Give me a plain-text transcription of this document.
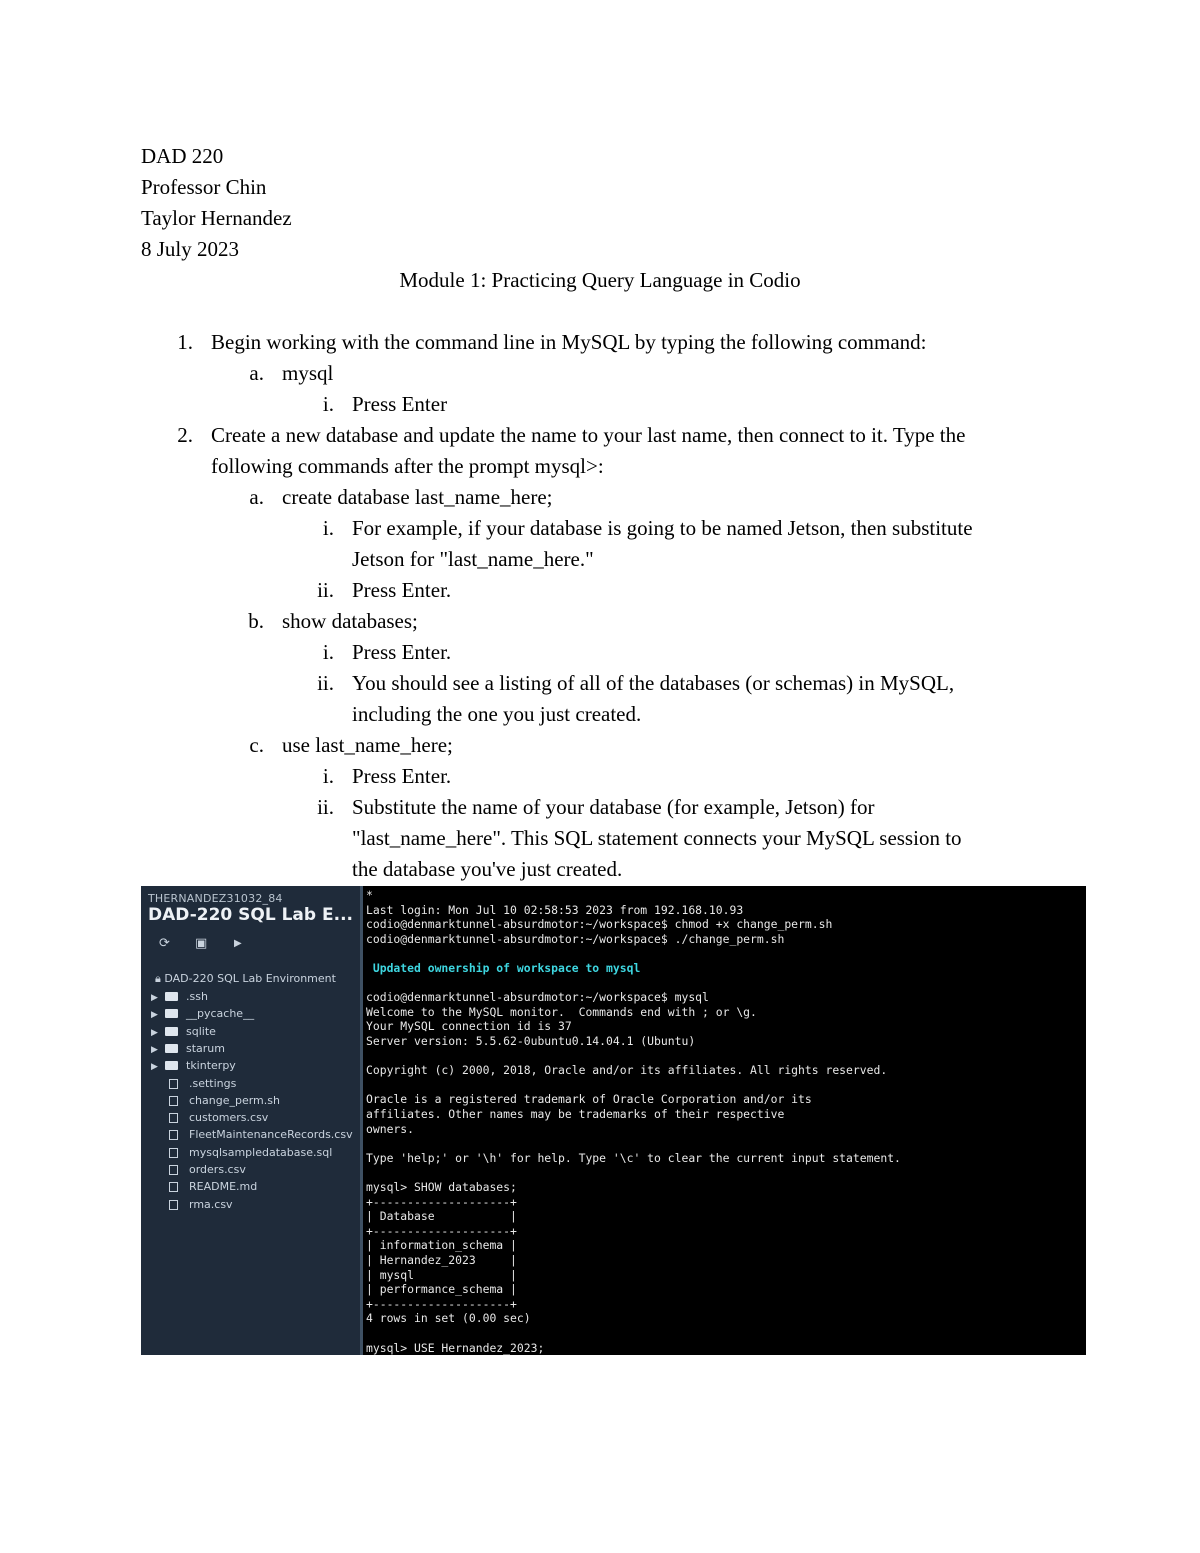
DAD 220
Professor Chin
Taylor Hernandez
8 July 2023
Module 1: Practicing Query Language in Codio
1. Begin working with the command line in MySQL by typing the following command:
a. mysql
i. Press Enter
2. Create a new database and update the name to your last name, then connect to it. Type the
following commands after the prompt mysql>:
a. create database last_name_here;
i. For example, if your database is going to be named Jetson, then substitute
Jetson for "last_name_here."
ii. Press Enter.
b. show databases;
i. Press Enter.
ii. You should see a listing of all of the databases (or schemas) in MySQL,
including the one you just created.
c. use last_name_here;
i. Press Enter.
ii. Substitute the name of your database (for example, Jetson) for
"last_name_here". This SQL statement connects your MySQL session to
the database you've just created.
THERNANDEZ31032_84
DAD-220 SQL Lab E...
⟳ ▣	▶
🔒︎ DAD-220 SQL Lab Environment
▶	.ssh
▶	__pycache__
▶	sqlite
▶	starum
▶	tkinterpy
.settings
change_perm.sh
customers.csv
FleetMaintenanceRecords.csv
mysqlsampledatabase.sql
orders.csv
README.md
rma.csv
*
Last login: Mon Jul 10 02:58:53 2023 from 192.168.10.93
codio@denmarktunnel-absurdmotor:~/workspace$ chmod +x change_perm.sh
codio@denmarktunnel-absurdmotor:~/workspace$ ./change_perm.sh
Updated ownership of workspace to mysql
codio@denmarktunnel-absurdmotor:~/workspace$ mysql
Welcome to the MySQL monitor.  Commands end with ; or \g.
Your MySQL connection id is 37
Server version: 5.5.62-0ubuntu0.14.04.1 (Ubuntu)
Copyright (c) 2000, 2018, Oracle and/or its affiliates. All rights reserved.
Oracle is a registered trademark of Oracle Corporation and/or its
affiliates. Other names may be trademarks of their respective
owners.
Type 'help;' or '\h' for help. Type '\c' to clear the current input statement.
mysql> SHOW databases;
+--------------------+
| Database           |
+--------------------+
| information_schema |
| Hernandez_2023     |
| mysql              |
| performance_schema |
+--------------------+
4 rows in set (0.00 sec)
mysql> USE Hernandez_2023;
